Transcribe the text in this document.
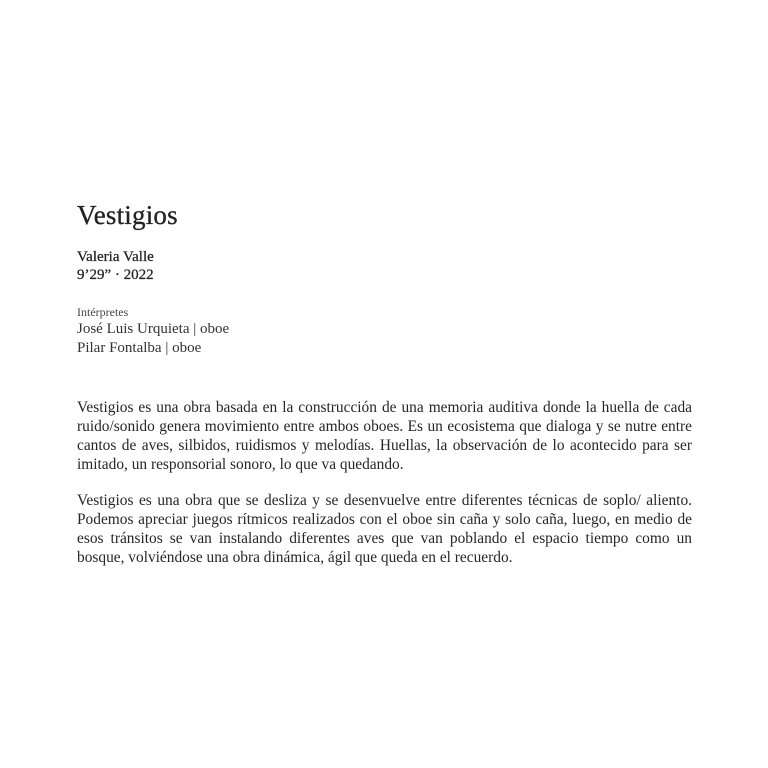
Vestigios
Valeria Valle
9’29” · 2022
Intérpretes
José Luis Urquieta | oboe
Pilar Fontalba | oboe

Vestigios es una obra basada en la construcción de una memoria auditiva donde la huella de cada ruido/sonido genera movimiento entre ambos oboes. Es un ecosistema que dialoga y se nutre entre cantos de aves, silbidos, ruidismos y melodías. Huellas, la observación de lo acontecido para ser imitado, un responsorial sonoro, lo que va quedando.

Vestigios es una obra que se desliza y se desenvuelve entre diferentes técnicas de soplo/ aliento. Podemos apreciar juegos rítmicos realizados con el oboe sin caña y solo caña, luego, en medio de esos tránsitos se van instalando diferentes aves que van poblando el espacio tiempo como un bosque, volviéndose una obra dinámica, ágil que queda en el recuerdo.
